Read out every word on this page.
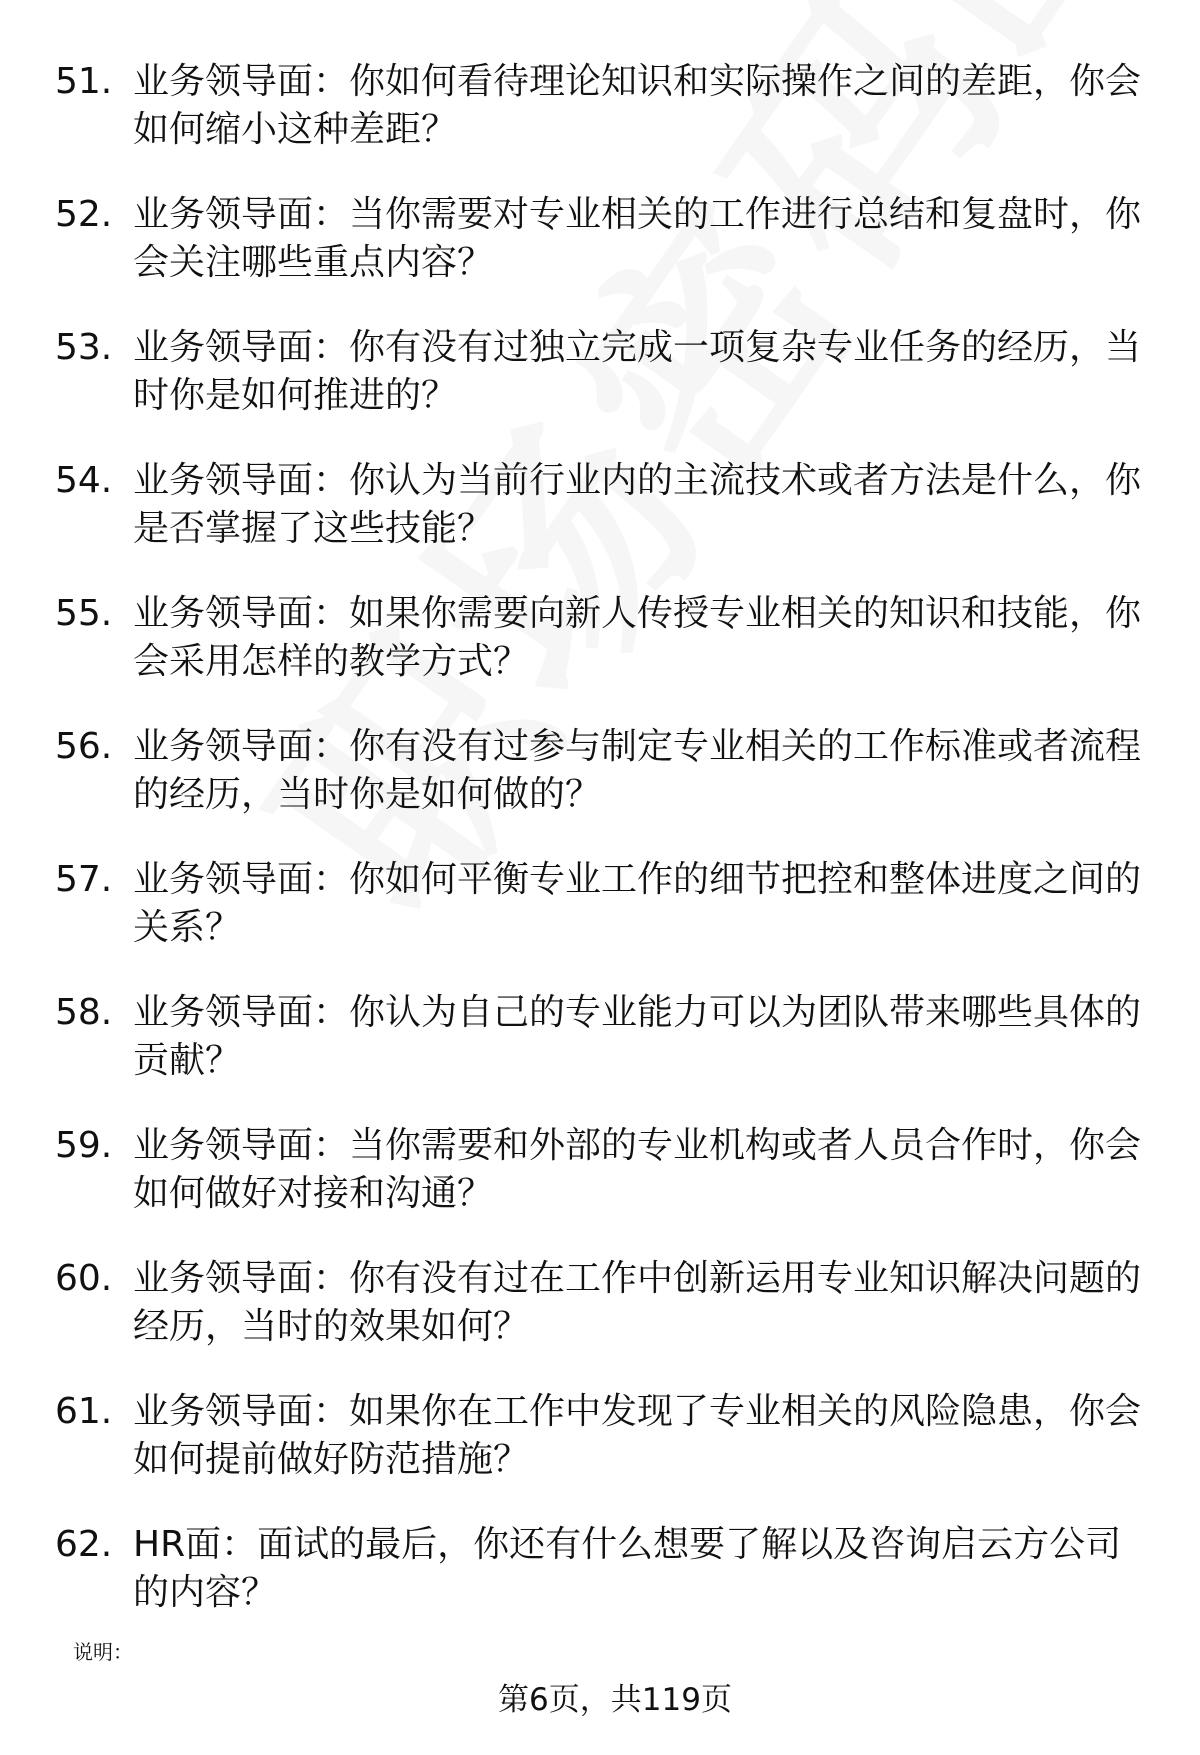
51. 业务领导面：你如何看待理论知识和实际操作之间的差距，你会如何缩小这种差距？
52. 业务领导面：当你需要对专业相关的工作进行总结和复盘时，你会关注哪些重点内容？
53. 业务领导面：你有没有过独立完成一项复杂专业任务的经历，当时你是如何推进的？
54. 业务领导面：你认为当前行业内的主流技术或者方法是什么，你是否掌握了这些技能？
55. 业务领导面：如果你需要向新人传授专业相关的知识和技能，你会采用怎样的教学方式？
56. 业务领导面：你有没有过参与制定专业相关的工作标准或者流程的经历，当时你是如何做的？
57. 业务领导面：你如何平衡专业工作的细节把控和整体进度之间的关系？
58. 业务领导面：你认为自己的专业能力可以为团队带来哪些具体的贡献？
59. 业务领导面：当你需要和外部的专业机构或者人员合作时，你会如何做好对接和沟通？
60. 业务领导面：你有没有过在工作中创新运用专业知识解决问题的经历，当时的效果如何？
61. 业务领导面：如果你在工作中发现了专业相关的风险隐患，你会如何提前做好防范措施？
62. HR面：面试的最后，你还有什么想要了解以及咨询启云方公司的内容？
说明：
第6页，共119页
